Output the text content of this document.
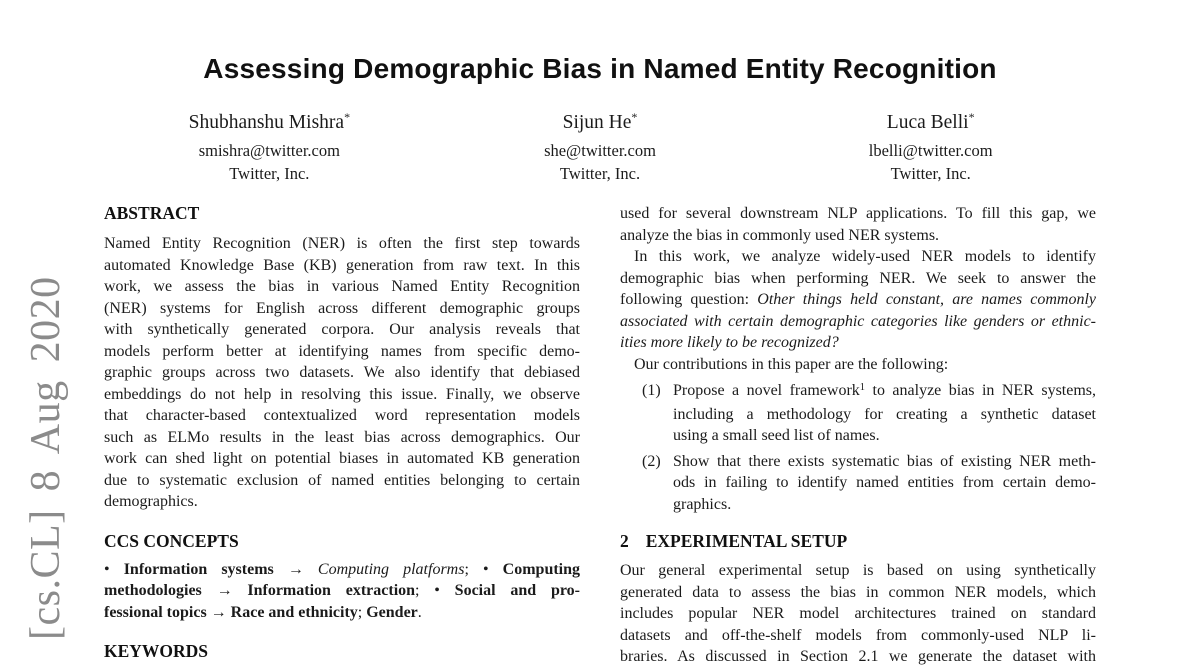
[cs.CL] 8 Aug 2020
Assessing Demographic Bias in Named Entity Recognition
Shubhanshu Mishra*
smishra@twitter.com
Twitter, Inc.
Sijun He*
she@twitter.com
Twitter, Inc.
Luca Belli*
lbelli@twitter.com
Twitter, Inc.
ABSTRACT
Named Entity Recognition (NER) is often the first step towards
automated Knowledge Base (KB) generation from raw text. In this
work, we assess the bias in various Named Entity Recognition
(NER) systems for English across different demographic groups
with synthetically generated corpora. Our analysis reveals that
models perform better at identifying names from specific demo-
graphic groups across two datasets. We also identify that debiased
embeddings do not help in resolving this issue. Finally, we observe
that character-based contextualized word representation models
such as ELMo results in the least bias across demographics. Our
work can shed light on potential biases in automated KB generation
due to systematic exclusion of named entities belonging to certain
demographics.
CCS CONCEPTS
• Information systems → Computing platforms; • Computing
methodologies → Information extraction; • Social and pro-
fessional topics → Race and ethnicity; Gender.
KEYWORDS
used for several downstream NLP applications. To fill this gap, we
analyze the bias in commonly used NER systems.
In this work, we analyze widely-used NER models to identify
demographic bias when performing NER. We seek to answer the
following question: Other things held constant, are names commonly
associated with certain demographic categories like genders or ethnic-
ities more likely to be recognized?
Our contributions in this paper are the following:
(1) Propose a novel framework$^1$ to analyze bias in NER systems,
including a methodology for creating a synthetic dataset
using a small seed list of names.
(2) Show that there exists systematic bias of existing NER meth-
ods in failing to identify named entities from certain demo-
graphics.
2 EXPERIMENTAL SETUP
Our general experimental setup is based on using synthetically
generated data to assess the bias in common NER models, which
includes popular NER model architectures trained on standard
datasets and off-the-shelf models from commonly-used NLP li-
braries. As discussed in Section 2.1 we generate the dataset with
